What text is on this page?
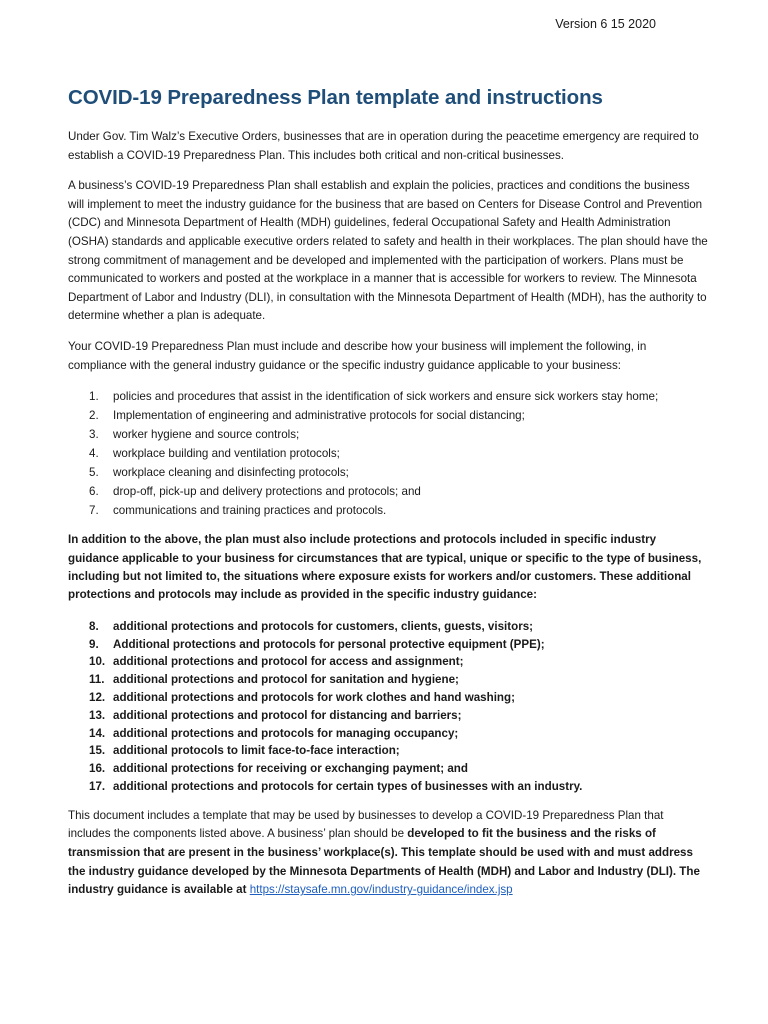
Version 6 15 2020
COVID-19 Preparedness Plan template and instructions

Under Gov. Tim Walz’s Executive Orders, businesses that are in operation during the peacetime emergency are required to establish a COVID-19 Preparedness Plan. This includes both critical and non-critical businesses.

A business’s COVID-19 Preparedness Plan shall establish and explain the policies, practices and conditions the business will implement to meet the industry guidance for the business that are based on Centers for Disease Control and Prevention (CDC) and Minnesota Department of Health (MDH) guidelines, federal Occupational Safety and Health Administration (OSHA) standards and applicable executive orders related to safety and health in their workplaces. The plan should have the strong commitment of management and be developed and implemented with the participation of workers. Plans must be communicated to workers and posted at the workplace in a manner that is accessible for workers to review. The Minnesota Department of Labor and Industry (DLI), in consultation with the Minnesota Department of Health (MDH), has the authority to determine whether a plan is adequate.

Your COVID-19 Preparedness Plan must include and describe how your business will implement the following, in compliance with the general industry guidance or the specific industry guidance applicable to your business:

1. policies and procedures that assist in the identification of sick workers and ensure sick workers stay home;
2. Implementation of engineering and administrative protocols for social distancing;
3. worker hygiene and source controls;
4. workplace building and ventilation protocols;
5. workplace cleaning and disinfecting protocols;
6. drop-off, pick-up and delivery protections and protocols; and
7. communications and training practices and protocols.

In addition to the above, the plan must also include protections and protocols included in specific industry guidance applicable to your business for circumstances that are typical, unique or specific to the type of business, including but not limited to, the situations where exposure exists for workers and/or customers. These additional protections and protocols may include as provided in the specific industry guidance:

8. additional protections and protocols for customers, clients, guests, visitors;
9. Additional protections and protocols for personal protective equipment (PPE);
10. additional protections and protocol for access and assignment;
11. additional protections and protocol for sanitation and hygiene;
12. additional protections and protocols for work clothes and hand washing;
13. additional protections and protocol for distancing and barriers;
14. additional protections and protocols for managing occupancy;
15. additional protocols to limit face-to-face interaction;
16. additional protections for receiving or exchanging payment; and
17. additional protections and protocols for certain types of businesses with an industry.

This document includes a template that may be used by businesses to develop a COVID-19 Preparedness Plan that includes the components listed above. A business’ plan should be developed to fit the business and the risks of transmission that are present in the business’ workplace(s). This template should be used with and must address the industry guidance developed by the Minnesota Departments of Health (MDH) and Labor and Industry (DLI). The industry guidance is available at https://staysafe.mn.gov/industry-guidance/index.jsp
